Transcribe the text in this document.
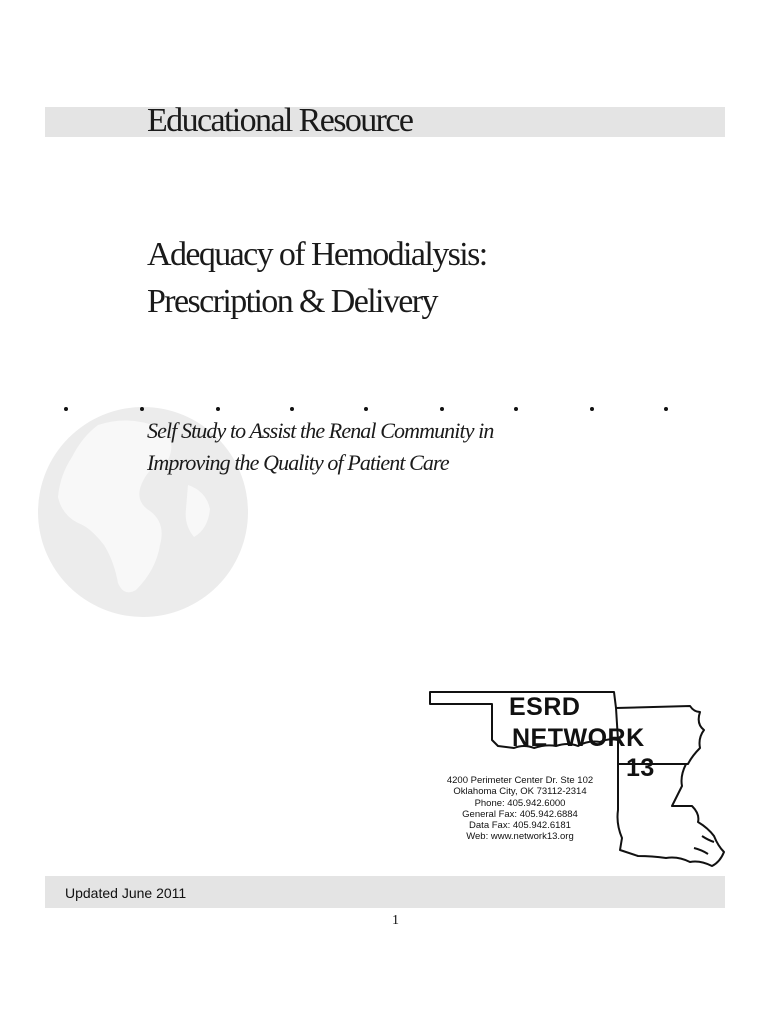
Educational Resource
Adequacy of Hemodialysis:
Prescription & Delivery
Self Study to Assist the Renal Community in
Improving the Quality of Patient Care
ESRD
NETWORK
13
4200 Perimeter Center Dr. Ste 102
Oklahoma City, OK 73112-2314
Phone: 405.942.6000
General Fax: 405.942.6884
Data Fax: 405.942.6181
Web: www.network13.org
Updated June 2011
1
